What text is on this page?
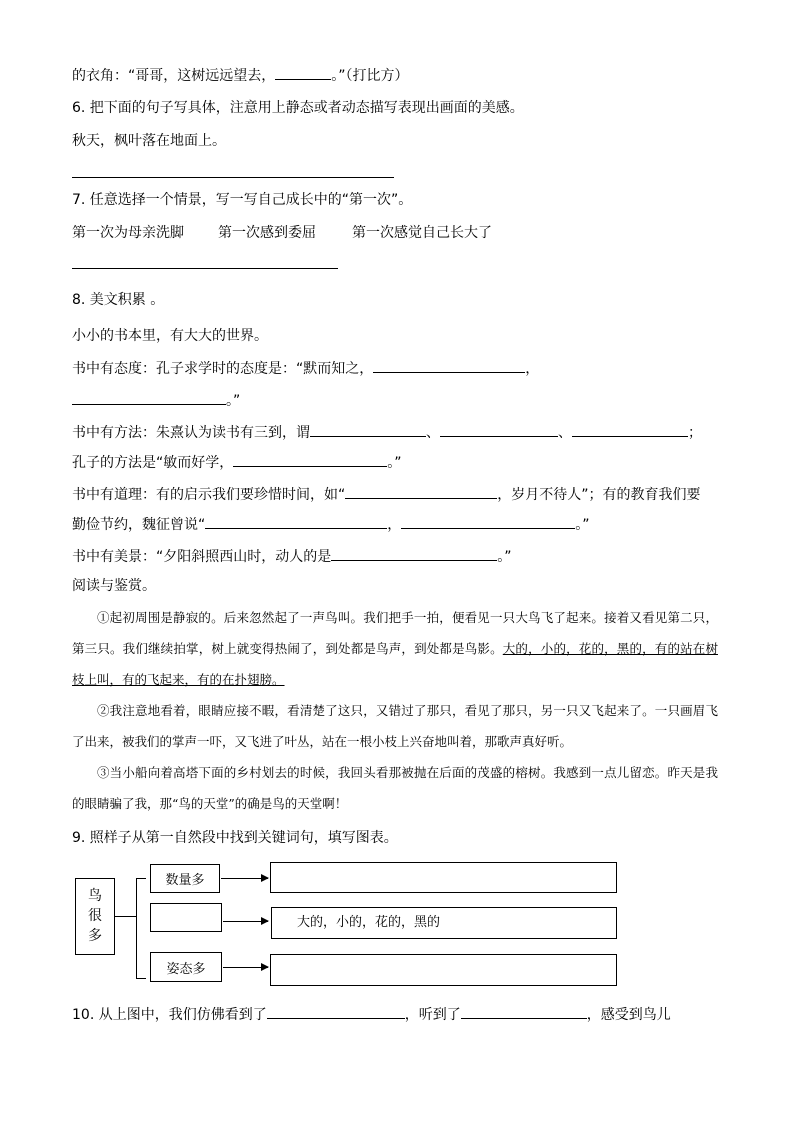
的衣角：“哥哥，这树远远望去，	。”（打比方）
6. 把下面的句子写具体，注意用上静态或者动态描写表现出画面的美感。
秋天，枫叶落在地面上。
7. 任意选择一个情景，写一写自己成长中的“第一次”。
第一次为母亲洗脚 第一次感到委屈	第一次感觉自己长大了
8. 美文积累 。
小小的书本里，有大大的世界。
书中有态度：孔子求学时的态度是：“默而知之，	，
。”
书中有方法：朱熹认为读书有三到，谓	、	、	；
孔子的方法是“敏而好学，	。”
书中有道理：有的启示我们要珍惜时间，如“	，岁月不待人”；有的教育我们要
勤俭节约，魏征曾说“	，	。”
书中有美景：“夕阳斜照西山时，动人的是	。”
阅读与鉴赏。

①起初周围是静寂的。后来忽然起了一声鸟叫。我们把手一拍，便看见一只大鸟飞了起来。接着又看见第二只，第三只。我们继续拍掌，树上就变得热闹了，到处都是鸟声，到处都是鸟影。大的，小的，花的，黑的，有的站在树枝上叫，有的飞起来，有的在扑翅膀。

②我注意地看着，眼睛应接不暇，看清楚了这只，又错过了那只，看见了那只，另一只又飞起来了。一只画眉飞了出来，被我们的掌声一吓，又飞进了叶丛，站在一根小枝上兴奋地叫着，那歌声真好听。

③当小船向着高塔下面的乡村划去的时候，我回头看那被抛在后面的茂盛的榕树。我感到一点儿留恋。昨天是我的眼睛骗了我，那“鸟的天堂”的确是鸟的天堂啊！

9. 照样子从第一自然段中找到关键词句，填写图表。
鸟很多
数量多
姿态多
大的，小的，花的，黑的
10. 从上图中，我们仿佛看到了	，听到了	，感受到鸟儿
